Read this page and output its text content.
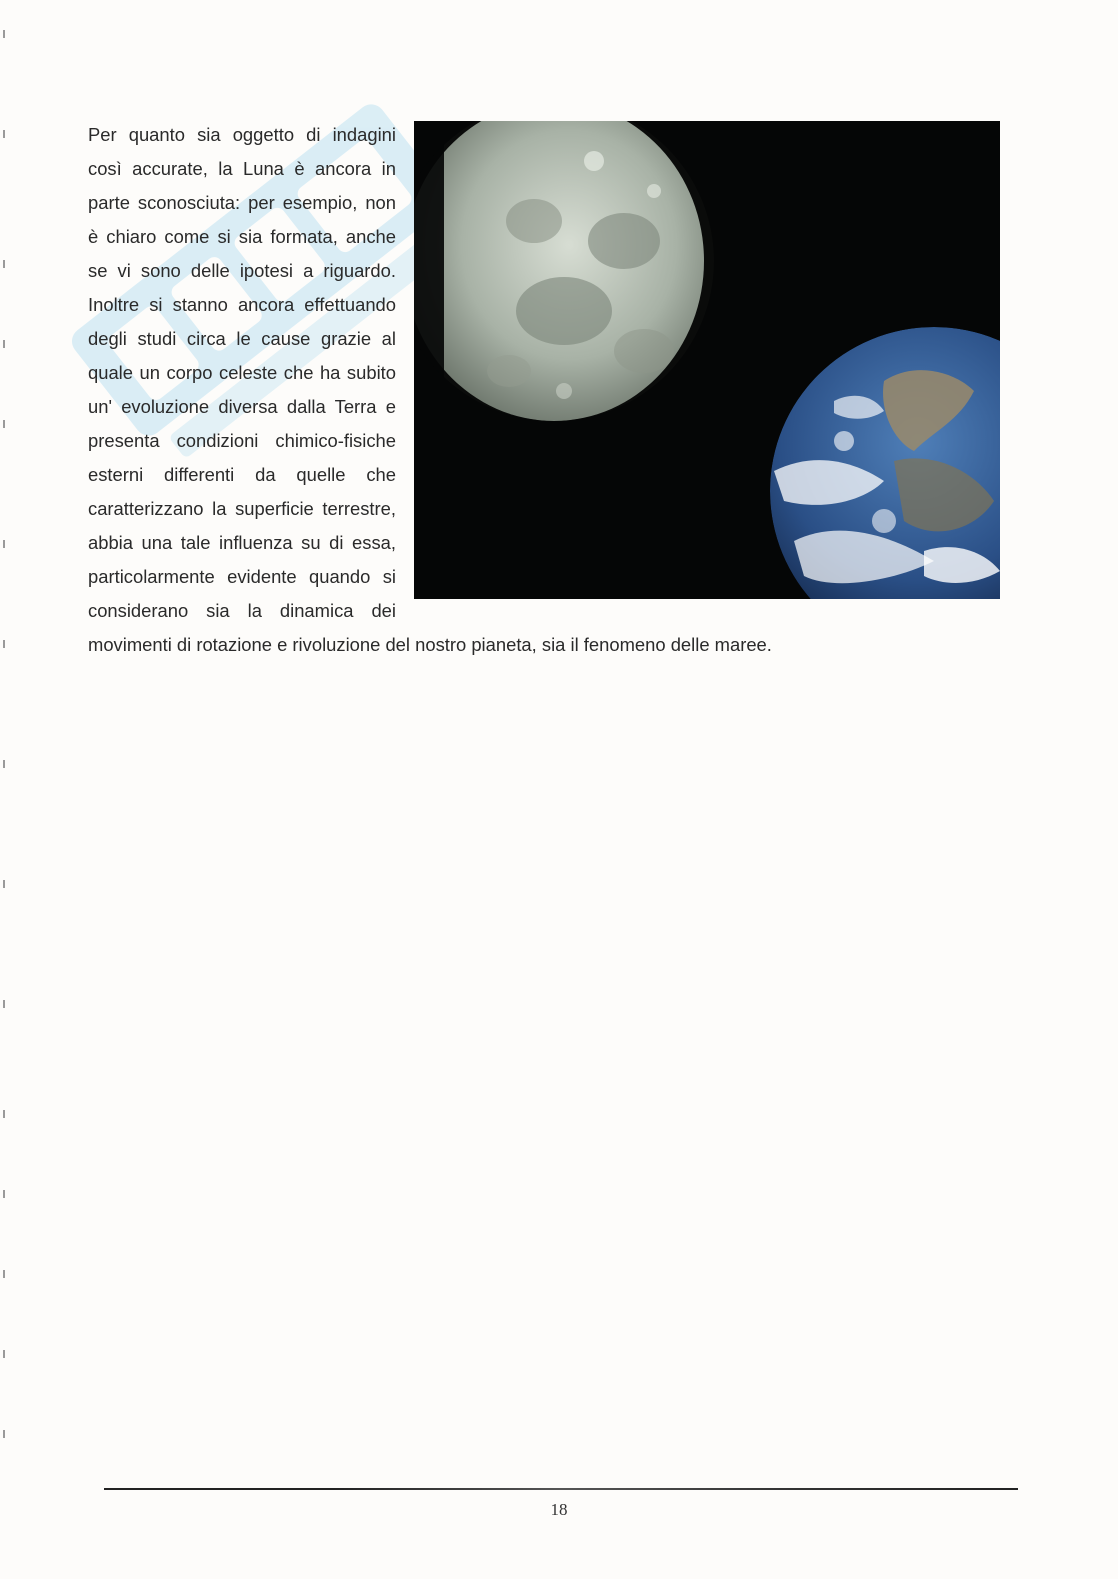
Per quanto sia oggetto di indagini così accurate, la Luna è ancora in parte sconosciuta: per esempio, non è chiaro come si sia formata, anche se vi sono delle ipotesi a riguardo. Inoltre si stanno ancora effettuando degli studi circa le cause grazie al quale un corpo celeste che ha subito un' evoluzione diversa dalla Terra e presenta condizioni chimico-fisiche esterni differenti da quelle che caratterizzano la superficie terrestre, abbia una tale influenza su di essa, particolarmente evidente quando si considerano sia la dinamica dei movimenti di rotazione e rivoluzione del nostro pianeta, sia il fenomeno delle maree.
18
